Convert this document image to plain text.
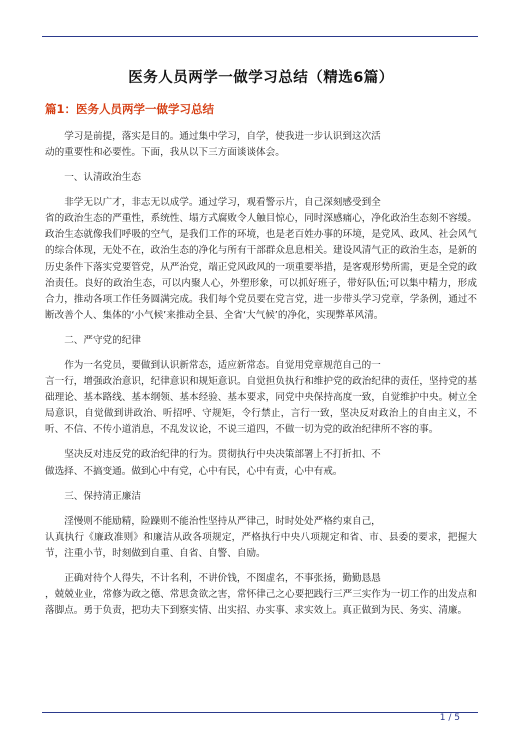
医务人员两学一做学习总结（精选6篇）
篇1：医务人员两学一做学习总结

学习是前提，落实是目的。通过集中学习，自学，使我进一步认识到这次活
动的重要性和必要性。下面，我从以下三方面谈谈体会。

一、认清政治生态

非学无以广才，非志无以成学。通过学习，观看警示片，自己深刻感受到全
省的政治生态的严重性，系统性、塌方式腐败令人触目惊心，同时深感痛心，净化政治生态刻不容缓。政治生态就像我们呼吸的空气，是我们工作的环境，也是老百姓办事的环境，是党风、政风、社会风气的综合体现，无处不在，政治生态的净化与所有干部群众息息相关。建设风清气正的政治生态，是新的历史条件下落实党要管党，从严治党，端正党风政风的一项重要举措，是客观形势所需，更是全党的政治责任。良好的政治生态，可以内聚人心，外塑形象，可以抓好班子，带好队伍;可以集中精力，形成合力，推动各项工作任务圆满完成。我们每个党员要在党言党，进一步带头学习党章，学条例，通过不断改善个人、集体的‘小气候’来推动全县、全省‘大气候’的净化，实现弊革风清。

二、严守党的纪律

作为一名党员，要做到认识新常态，适应新常态。自觉用党章规范自己的一
言一行，增强政治意识，纪律意识和规矩意识。自觉担负执行和维护党的政治纪律的责任，坚持党的基础理论、基本路线、基本纲领、基本经验、基本要求，同党中央保持高度一致，自觉维护中央。树立全局意识，自觉做到讲政治、听招呼、守规矩，令行禁止，言行一致，坚决反对政治上的自由主义，不听、不信、不传小道消息，不乱发议论，不说三道四，不做一切为党的政治纪律所不容的事。

坚决反对违反党的政治纪律的行为。贯彻执行中央决策部署上不打折扣、不
做选择、不搞变通。做到心中有党，心中有民，心中有责，心中有戒。

三、保持清正廉洁

淫慢则不能励精，险躁则不能治性坚持从严律己，时时处处严格约束自己，
认真执行《廉政准则》和廉洁从政各项规定，严格执行中央八项规定和省、市、县委的要求，把握大节，注重小节，时刻做到自重、自省、自警、自励。

正确对待个人得失，不计名利，不讲价钱，不图虚名，不事张扬，勤勤恳恳
，兢兢业业，常修为政之德、常思贪欲之害，常怀律己之心要把践行三严三实作为一切工作的出发点和落脚点。勇于负责，把功夫下到察实情、出实招、办实事、求实效上。真正做到为民、务实、清廉。

1 / 5
